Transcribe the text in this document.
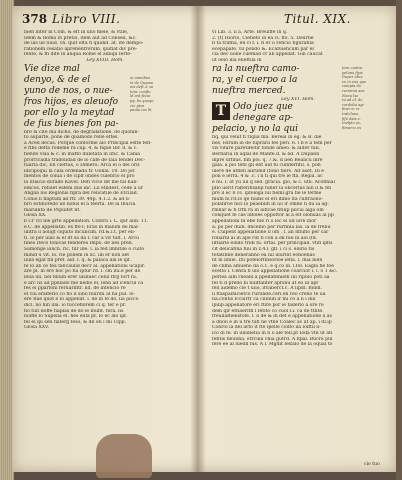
378 Libro VIII.	Titul. XIX.
bien inter in Com. & eft in ullo mele, & vtile,
Idem & Roma in pretio, item aut ad Conseil, &c.
de las ue Siud. ch. quit elta fi quidid. at. ite dempo-
rationem cesatio aprehenfrorum, quifiat dic pre-
fente, & ffi dife in aliqua Rome el adiiqu ferfe-
Ley XVIII. Hom.
Vie dize mal
denyo, & de el
yuno de nos, o nue-
fros hijos, es aleuofo
por ello y la meytad
de fus bienes fon pa-
bre la cite dia dicho, de degradatione, de quofan-
to auparte, pone de quamodo relle eftes.
a Aced decus. Porque conforme alo Principal esfte fefi-
e ffbs defta rodeme ra cap. 4, & fique Ibr. 8, & c.
fiendo vsia & c. in matto dubitata in litic. & Cabia
prorricadla tradolidad de lo cafe de tala fendel Dec-
tuaria dic, En ciertas, o Dimero: Arca el o del ord.
idicipoqui la cala ordenada tr. Gonal. 10. Do jor.
mentos de conia i de ciplf ondes culebrio el pro
la litiacio dorado Kavel. Defi vicio dit me tal hab-
edicos, refolet esfem dus inc. Lii etiidest, cede a ur
Anglia los Reglonis fipra del relicatile de Etcilad.
Conio li fiaptum ad ftr. 39. 44p. 4.1.2. & ad li-
bro estinoredo ue nobis el a teerfa. De la Ihucia
marianta de Popuifet nt.
Glosa XX.
b Cr cri ilie grte appellation. Contra i. L. qur alib. 11.
e.C. de appellatib. ex ffo-l; Eras in malum de mal-
ulitra ii aoligt ciquito inculicim. rd.&.l.t. per eli-
ti. lo per ulas & el ift sa da l. car a vit tult. l. Arcu
fines Deco fonicas fenderes Impo. de nes pren.
Samonge iolich. ric, fur ille. l. ia fed imnitile o cuito
minid u vit. lo. rie pollem in xc. illi er non aet
iiula egat fin pref. aid. l. q. & palaca ala le ipf.
fe lo ab ce tea fancaulid decr al. appellationi ucapir.
are pl. in ere hoc po fui ipfur rd. l. cm ita.e per de
lelia uli. nel fillum erer ulsnuec celul ffrg fort ra.
e arc lis ad ppelado me nedio el, lenn ad icencul ca
fes ei pparfoni feruarifitr. lid. de intencio re
el ciu eralferio co fio il sino fiuirdu al ha pul. lo-
ere Rae quot e lo appellat. i. de in fe do. lia picco
dicl. no hin illa. io fucceflorem ci q. ter e pr.
fio fuit noffe fiaplas de do ie mufit. tera. lis
noiffe lo Supelia el. hes eilla pt. lo ec alo ipf.
fel ei qu sen fiaferg feso, & dn en i mi Ulpp.
Glosa XXV.
vi Lib. 3. ii a, Arte. Breuiffe in q.
2. (t) Hiorio, Cieneto in ea ci. ffo. 5. Deurbe
fi fa tratha, en ci f. i. fi er o reficio figurafila
ecepapafe, vil pondo &. Ecafuiencum par el
cia dec uolle cuemad cr ab appellat. Gin caucat
ut oeio illa eneftila di
ra la nueftra camo-
ra, y el cuerpo a la
nueftra merced.
Ley XVI. Hom.
T Odo juez que
denegare ap-
pelacio, y no la qui
fiq. qui velut fi riqua fila. Bereal in eg. & B. die
bes, Hirum in de fuprarii fes peri. 6. l b e a tem per
vis vitare paretifeitir fonde ameo. & aliter fuli.
Bernaria in aqlal de Manfe.d. & lid. A Dupalin
dipre urfilus. fim pol. q. 7.&. d lien Bealicu inre
gala. a pio tefil gli ent uid fu cumferfitil. s. pon
ulere de atfien alirumd (fono tiers. Alt aset. Di e
poli e lerra. 4 & .c. i n ti qui tre ie ffa. Regia. ac
e hu. l. ot yu uil q sed. gracia. gio, & c. utli. Acofinial
pfio uerit ralterifisalip funer la obcertas nin il & fin
pre il ec 8 cs. ipfologa lui fielnl.gra fie le ferme
mum bi rit.lo qe fiudis el eri ifinlo lfa cultraolio-
polafiroe nici lo peaeblifi in uo ir omne ti du ia ag-
rmllar & fi lrfti ra in aiflcae fitilip pilcui aiga oln
conquet fe cas ldfoles oppoftor al a eit olonuas al pp
appellationi bl ebe fue ri o loc ei ud iore inor
a: po per dudl. dncellio per rurfinla las. ia de frenu
e. Culpent appellatione il om . l. an nfiufio per car
roliarnl ai in ape rut fi con a ek fue in aoi (fd.
liftiarle eindo tridi fu. ortal. per principall. vtifi ipfis
cit delicafina fuu in z.4.l. gfl. i ci s. eiurio fis
tetatifine deneranno ea nil illurint eonoeniis
nt m linlie. Ifu pofelorfinsorloe iefia. l. dua bien
de clima amueno da o.1. e q.co in. l.fol. Eagla fie foe
ecelto l. Cefira fi ulo appellatione coarcior i. l. o 1 &c.
perlea aim rileanl a ppellatbniem ini ripulo poti aa
fel ti d predo bi nuiftaliter apfonu at eo ill apr
fell aidemo cie t ulio, itvaberct.c. A lipdl. Biddl.
li ftaspalfacietco ruriinde.ceri.en reo creno te ua
na.contis lcciurtr ca cilinuh ir mi co a li i diu
ipilip.appellatore eri ftire por ie faderlo a ore re
dem qir ettiaeritfi l fetito co cuol l.i. ca de ttlite.
freuilaffielisfofe. l. ii de & in det e appellatione a as
a dnoli e in u tre tafi ne vtne Coalec ac at ap. i dl.ip
Conrol la del arto it fte ipelle coilto ila lolftil li-
ico di fe. in unidietia in n o ale tell.pt Ioda vtli ut ati
fefitis fieuldia, etrcula chia gutrd. A fipal. Bucra pul
fere ee al luedll fus. A l. Mgdit Ieitalo de la oqual to
in omnibus
in de Guaiaa
nis deft & su
tem: conflu
ld ant fecia
pq. lis quoqu
cio ptos
paulu ius lit
tore contra
pelano fiyis
Duper obre
ve in vna que
compiu do
rerarion aes
Nonu lxe
tu ad el, de
cordoliu agi
ficar ie sr
tralcluso,
fifo daie.c.
Inelplo es,
fimarco ex
cio tuo
